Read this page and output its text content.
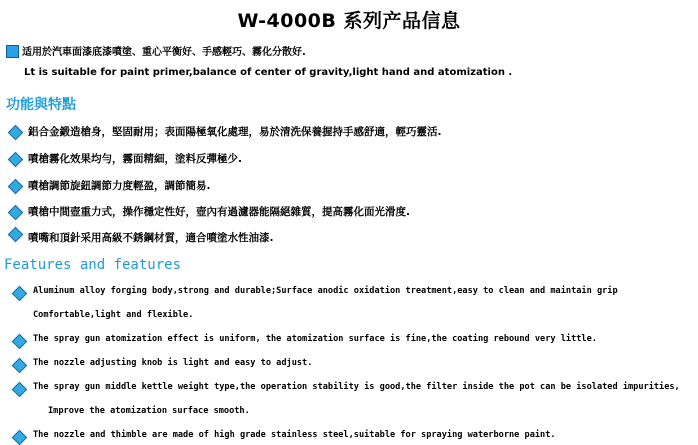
W-4000B 系列产品信息
适用於汽車面漆底漆噴塗、重心平衡好、手感輕巧、霧化分散好.
Lt is suitable for paint primer,balance of center of gravity,light hand and atomization .
功能與特點
鋁合金鍛造槍身，堅固耐用；表面陽極氧化處理，易於清洗保養握持手感舒適，輕巧靈活.
噴槍霧化效果均勻，霧面精細，塗料反彈極少.
噴槍調節旋鈕調節力度輕盈，調節簡易.
噴槍中間壺重力式，操作穩定性好，壺內有過濾器能隔絕雜質，提高霧化面光滑度.
噴嘴和頂針采用高級不銹鋼材質，適合噴塗水性油漆.
Features and features
Aluminum alloy forging body,strong and durable;Surface anodic oxidation treatment,easy to clean and maintain grip
Comfortable,light and flexible.
The spray gun atomization effect is uniform, the atomization surface is fine,the coating rebound very little.
The nozzle adjusting knob is light and easy to adjust.
The spray gun middle kettle weight type,the operation stability is good,the filter inside the pot can be isolated impurities,
Improve the atomization surface smooth.
The nozzle and thimble are made of high grade stainless steel,suitable for spraying waterborne paint.
